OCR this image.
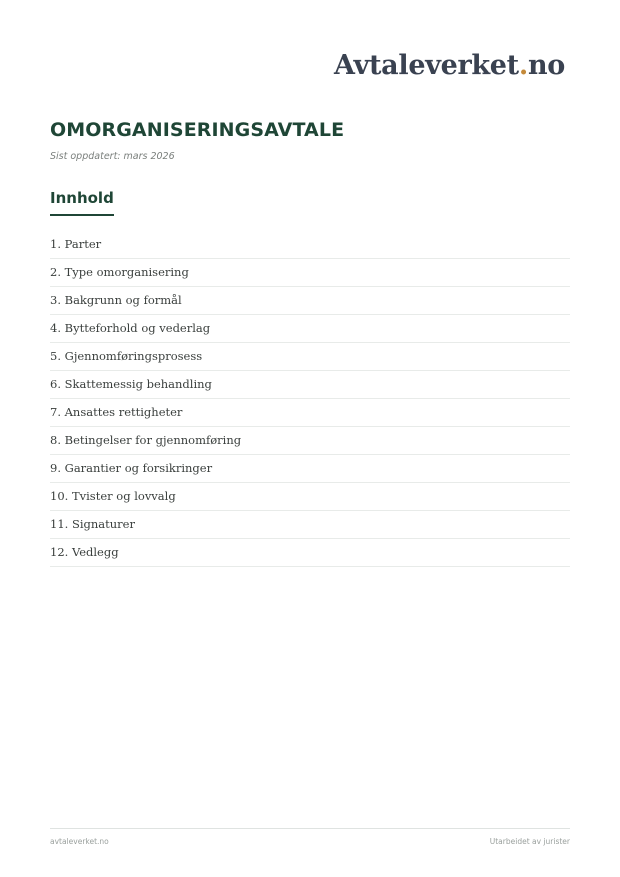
Avtaleverket.no
OMORGANISERINGSAVTALE
Sist oppdatert: mars 2026
Innhold
1. Parter
2. Type omorganisering
3. Bakgrunn og formål
4. Bytteforhold og vederlag
5. Gjennomføringsprosess
6. Skattemessig behandling
7. Ansattes rettigheter
8. Betingelser for gjennomføring
9. Garantier og forsikringer
10. Tvister og lovvalg
11. Signaturer
12. Vedlegg
avtaleverket.no	Utarbeidet av jurister
